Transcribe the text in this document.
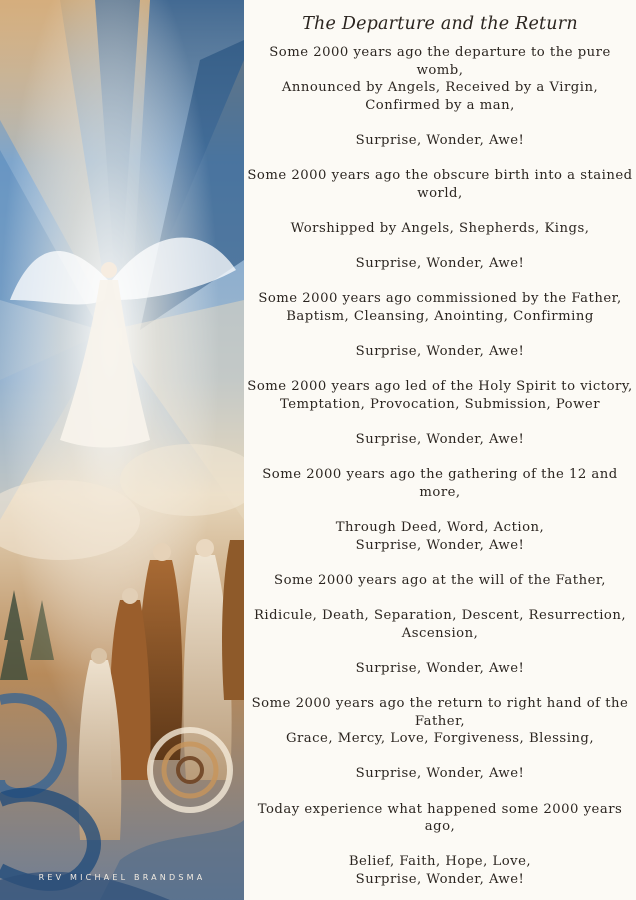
REV MICHAEL BRANDSMA
The Departure and the Return

Some 2000 years ago the departure to the pure womb,
Announced by Angels, Received by a Virgin,
Confirmed by a man,

Surprise, Wonder, Awe!

Some 2000 years ago the obscure birth into a stained
world,

Worshipped by Angels, Shepherds, Kings,

Surprise, Wonder, Awe!

Some 2000 years ago commissioned by the Father,
Baptism, Cleansing, Anointing, Confirming

Surprise, Wonder, Awe!

Some 2000 years ago led of the Holy Spirit to victory,
Temptation, Provocation, Submission, Power

Surprise, Wonder, Awe!

Some 2000 years ago the gathering of the 12 and
more,

Through Deed, Word, Action,
Surprise, Wonder, Awe!

Some 2000 years ago at the will of the Father,

Ridicule, Death, Separation, Descent, Resurrection,
Ascension,

Surprise, Wonder, Awe!

Some 2000 years ago the return to right hand of the
Father,
Grace, Mercy, Love, Forgiveness, Blessing,

Surprise, Wonder, Awe!

Today experience what happened some 2000 years
ago,

Belief, Faith, Hope, Love,
Surprise, Wonder, Awe!
